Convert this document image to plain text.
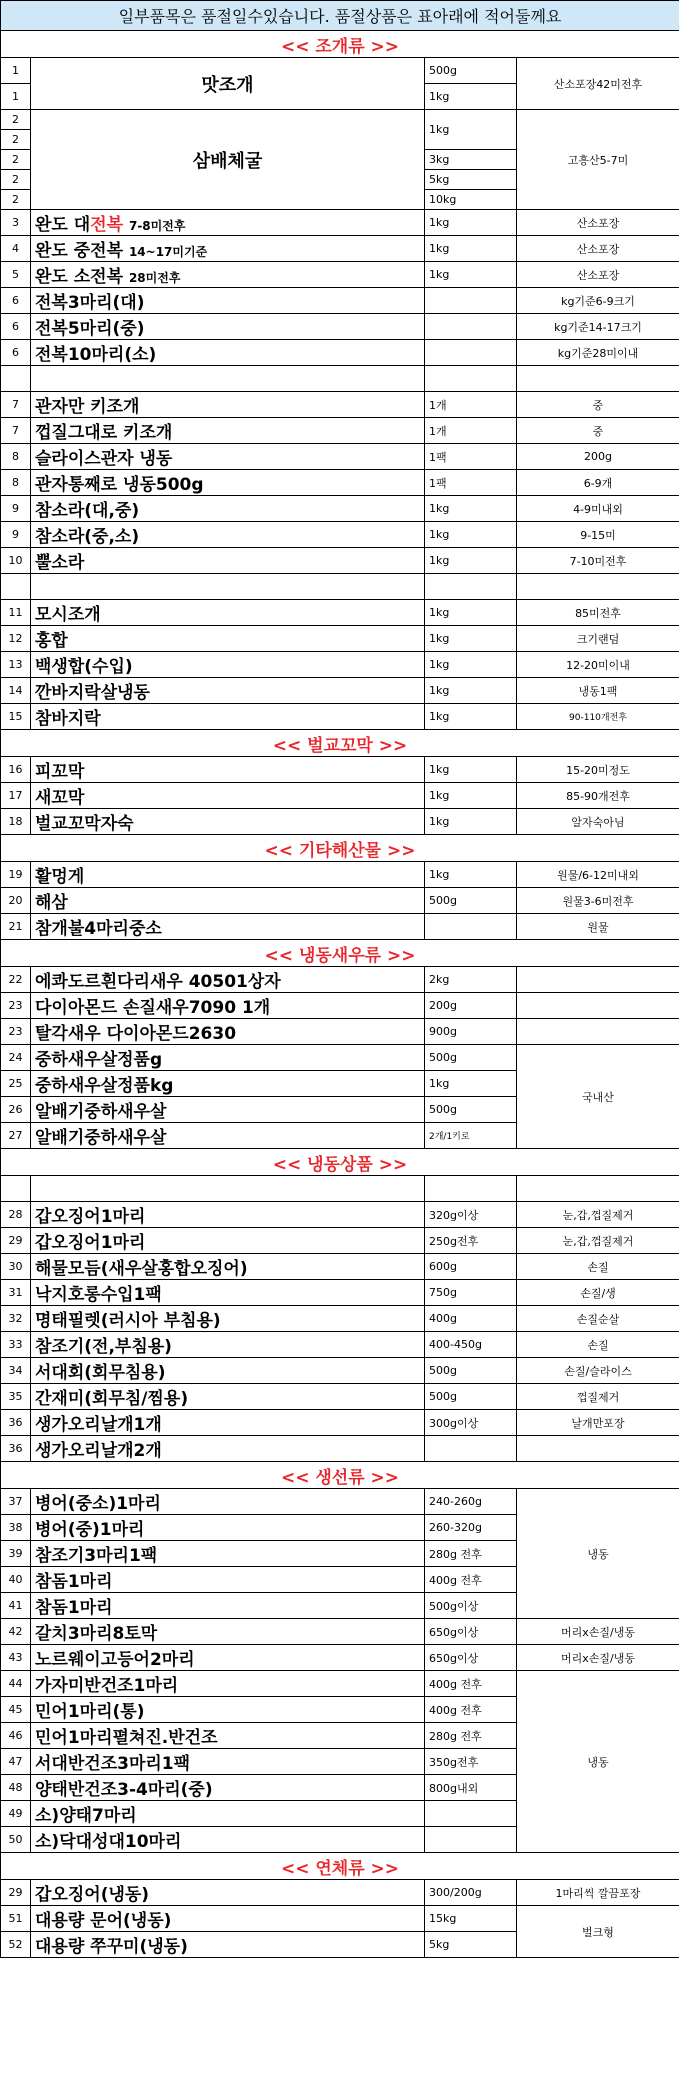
일부품목은 품절일수있습니다. 품절상품은 표아래에 적어둘께요			
<< 조개류 >>			
1	맛조개	500g	산소포장42미전후
1		1kg	
2	삼배체굴	1kg	고흥산5-7미
2			
2		3kg	
2		5kg	
2		10kg	
3	완도 대전복 7-8미전후	1kg	산소포장
4	완도 중전복 14~17미기준	1kg	산소포장
5	완도 소전복 28미전후	1kg	산소포장
6	전복3마리(대)		kg기준6-9크기
6	전복5마리(중)		kg기준14-17크기
6	전복10마리(소)		kg기준28미이내

7	관자만 키조개	1개	중
7	껍질그대로 키조개	1개	중
8	슬라이스관자 냉동	1팩	200g
8	관자통째로 냉동500g	1팩	6-9개
9	참소라(대,중)	1kg	4-9미내외
9	참소라(중,소)	1kg	9-15미
10	뿔소라	1kg	7-10미전후

11	모시조개	1kg	85미전후
12	홍합	1kg	크기랜덤
13	백생합(수입)	1kg	12-20미이내
14	깐바지락살냉동	1kg	냉동1팩
15	참바지락	1kg	90-110개전후
<< 벌교꼬막 >>			
16	피꼬막	1kg	15-20미정도
17	새꼬막	1kg	85-90개전후
18	벌교꼬막자숙	1kg	알자숙아님
<< 기타해산물 >>			
19	활멍게	1kg	원물/6-12미내외
20	해삼	500g	원물3-6미전후
21	참개불4마리중소		원물
<< 냉동새우류 >>			
22	에콰도르흰다리새우 40501상자	2kg	
23	다이아몬드 손질새우7090 1개	200g	
23	탈각새우 다이아몬드2630	900g	
24	중하새우살정품g	500g	국내산
25	중하새우살정품kg	1kg	
26	알배기중하새우살	500g	
27	알배기중하새우살	2개/1키로	
<< 냉동상품 >>			

28	갑오징어1마리	320g이상	눈,갑,껍질제거
29	갑오징어1마리	250g전후	눈,갑,껍질제거
30	해물모듬(새우살홍합오징어)	600g	손질
31	낙지호롱수입1팩	750g	손질/생
32	명태필렛(러시아 부침용)	400g	손질순살
33	참조기(전,부침용)	400-450g	손질
34	서대회(회무침용)	500g	손질/슬라이스
35	간재미(회무침/찜용)	500g	껍질제거
36	생가오리날개1개	300g이상	날개만포장
36	생가오리날개2개		
<< 생선류 >>			
37	병어(중소)1마리	240-260g	냉동
38	병어(중)1마리	260-320g	
39	참조기3마리1팩	280g 전후	
40	참돔1마리	400g 전후	
41	참돔1마리	500g이상	
42	갈치3마리8토막	650g이상	머리x손질/냉동
43	노르웨이고등어2마리	650g이상	머리x손질/냉동
44	가자미반건조1마리	400g 전후	냉동
45	민어1마리(통)	400g 전후	
46	민어1마리펼쳐진.반건조	280g 전후	
47	서대반건조3마리1팩	350g전후	
48	양태반건조3-4마리(중)	800g내외	
49	소)양태7마리		
50	소)닥대성대10마리		
<< 연체류 >>			
29	갑오징어(냉동)	300/200g	1마리씩 깔끔포장
51	대용량 문어(냉동)	15kg	벌크형
52	대용량 쭈꾸미(냉동)	5kg	
